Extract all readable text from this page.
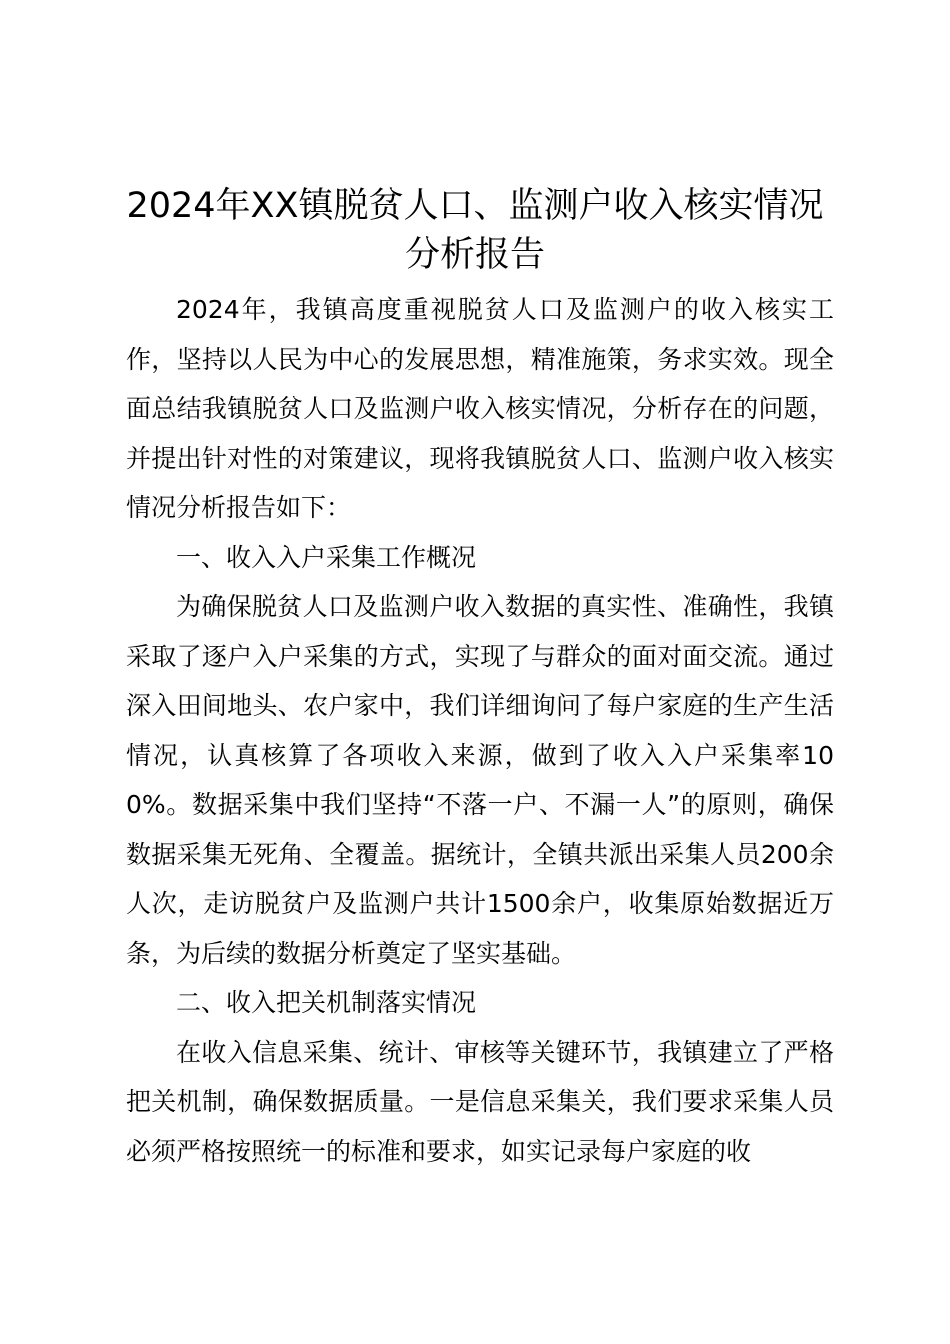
2024年XX镇脱贫人口、监测户收入核实情况分析报告

2024年，我镇高度重视脱贫人口及监测户的收入核实工作，坚持以人民为中心的发展思想，精准施策，务求实效。现全面总结我镇脱贫人口及监测户收入核实情况，分析存在的问题，并提出针对性的对策建议，现将我镇脱贫人口、监测户收入核实情况分析报告如下：

一、收入入户采集工作概况

为确保脱贫人口及监测户收入数据的真实性、准确性，我镇采取了逐户入户采集的方式，实现了与群众的面对面交流。通过深入田间地头、农户家中，我们详细询问了每户家庭的生产生活情况，认真核算了各项收入来源，做到了收入入户采集率100%。数据采集中我们坚持“不落一户、不漏一人”的原则，确保数据采集无死角、全覆盖。据统计，全镇共派出采集人员200余人次，走访脱贫户及监测户共计1500余户，收集原始数据近万条，为后续的数据分析奠定了坚实基础。

二、收入把关机制落实情况

在收入信息采集、统计、审核等关键环节，我镇建立了严格把关机制，确保数据质量。一是信息采集关，我们要求采集人员必须严格按照统一的标准和要求，如实记录每户家庭的收
